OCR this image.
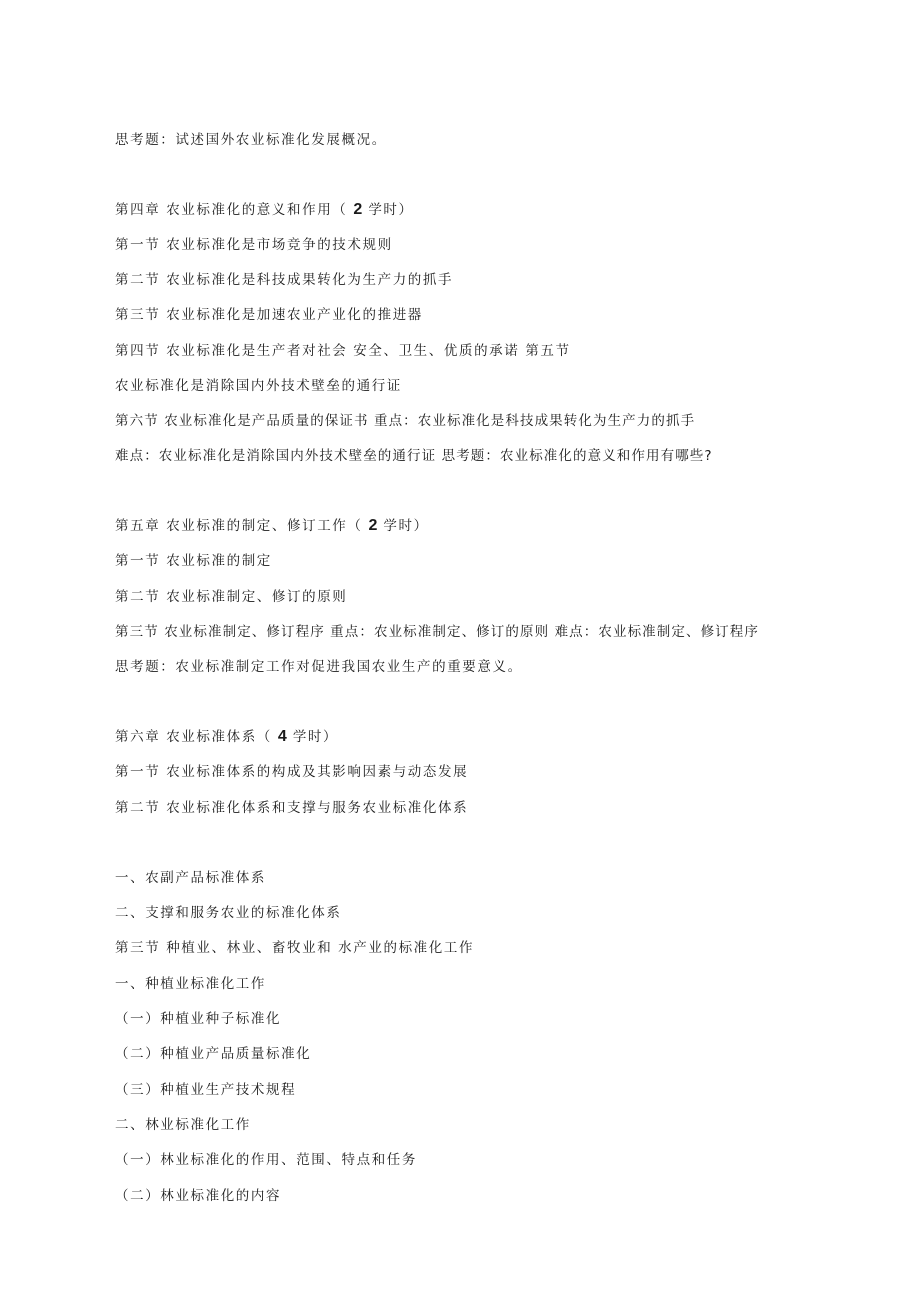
思考题：试述国外农业标准化发展概况。
第四章 农业标准化的意义和作用（ 2 学时）
第一节 农业标准化是市场竞争的技术规则
第二节 农业标准化是科技成果转化为生产力的抓手
第三节 农业标准化是加速农业产业化的推进器
第四节 农业标准化是生产者对社会 安全、卫生、优质的承诺 第五节
农业标准化是消除国内外技术壁垒的通行证
第六节 农业标准化是产品质量的保证书 重点：农业标准化是科技成果转化为生产力的抓手
难点：农业标准化是消除国内外技术壁垒的通行证 思考题：农业标准化的意义和作用有哪些?
第五章 农业标准的制定、修订工作（ 2 学时）
第一节 农业标准的制定
第二节 农业标准制定、修订的原则
第三节 农业标准制定、修订程序 重点：农业标准制定、修订的原则 难点：农业标准制定、修订程序
思考题：农业标准制定工作对促进我国农业生产的重要意义。
第六章 农业标准体系（ 4 学时）
第一节 农业标准体系的构成及其影响因素与动态发展
第二节 农业标准化体系和支撑与服务农业标准化体系
一、农副产品标准体系
二、支撑和服务农业的标准化体系
第三节 种植业、林业、畜牧业和 水产业的标准化工作
一、种植业标准化工作
（一）种植业种子标准化
（二）种植业产品质量标准化
（三）种植业生产技术规程
二、林业标准化工作
（一）林业标准化的作用、范围、特点和任务
（二）林业标准化的内容
